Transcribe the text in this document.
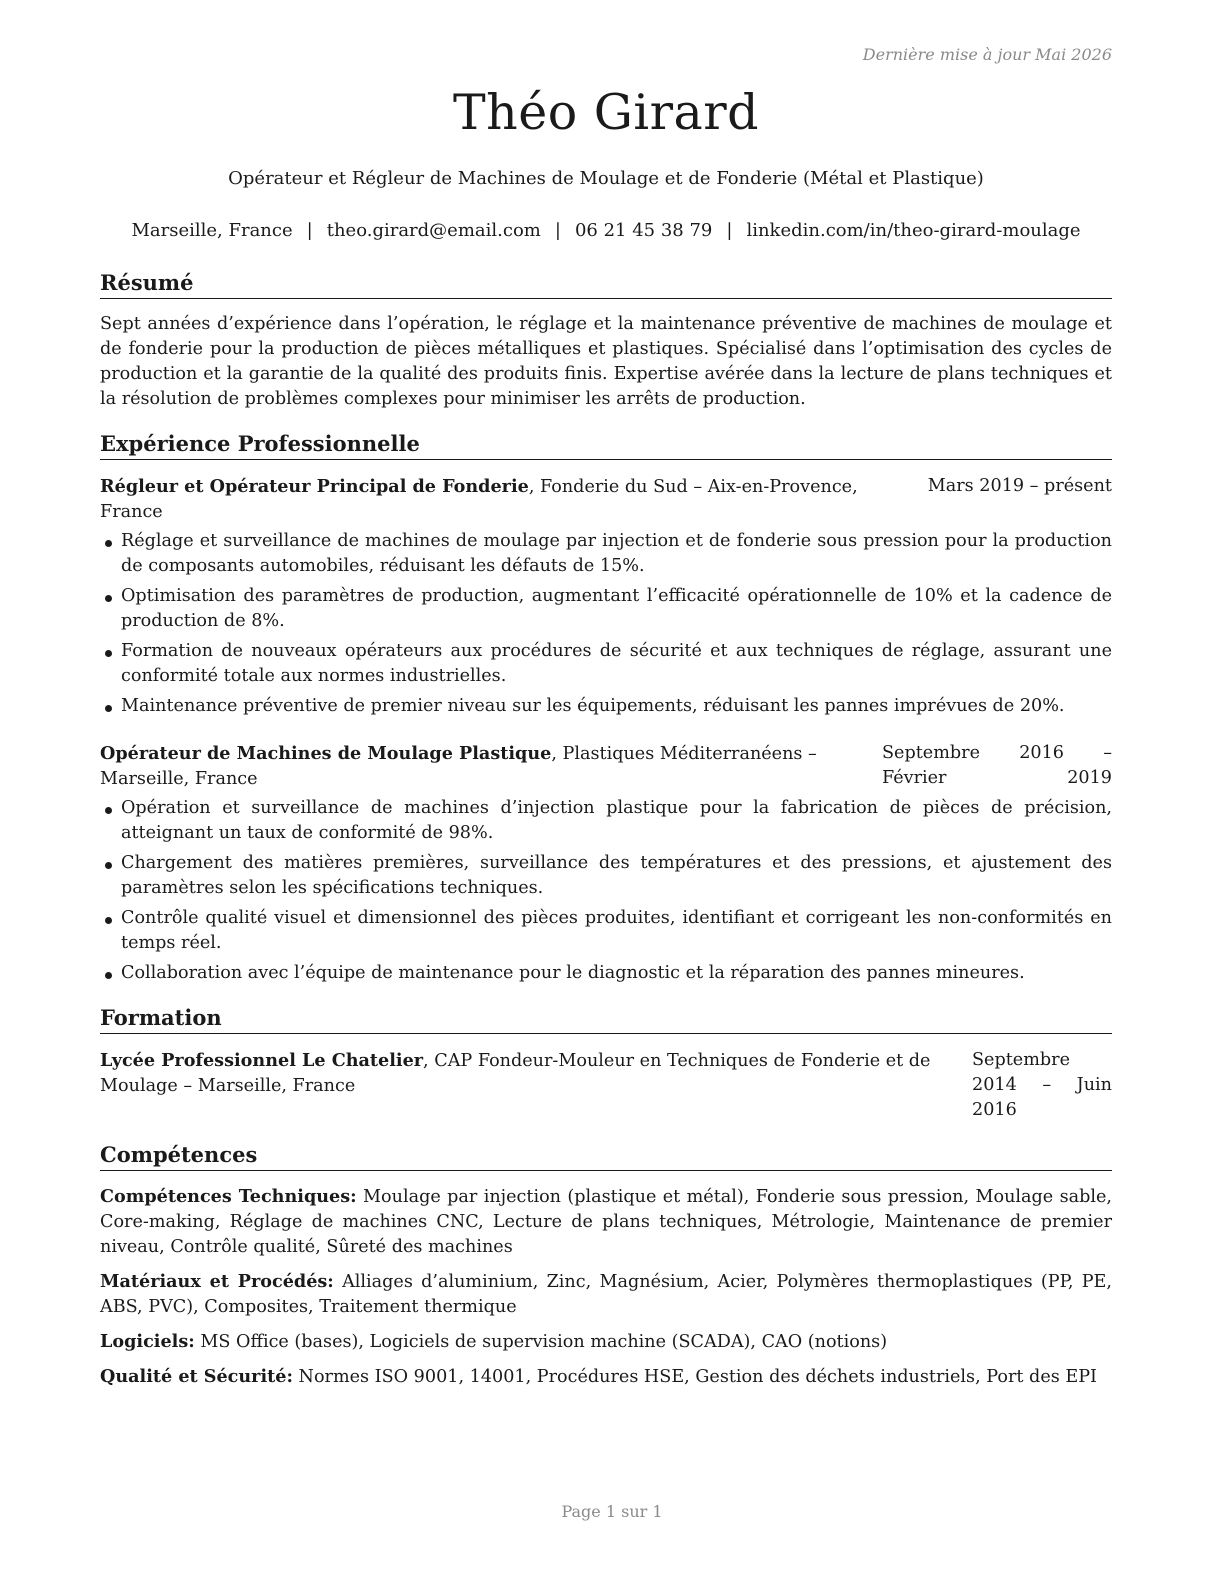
Dernière mise à jour Mai 2026
Théo Girard
Opérateur et Régleur de Machines de Moulage et de Fonderie (Métal et Plastique)
Marseille, France | theo.girard@email.com | 06 21 45 38 79 | linkedin.com/in/theo-girard-moulage
Résumé

Sept années d’expérience dans l’opération, le réglage et la maintenance préventive de machines de moulage et de fonderie pour la production de pièces métalliques et plastiques. Spécialisé dans l’optimisation des cycles de production et la garantie de la qualité des produits finis. Expertise avérée dans la lecture de plans techniques et la résolution de problèmes complexes pour minimiser les arrêts de production.

Expérience Professionnelle
Régleur et Opérateur Principal de Fonderie, Fonderie du Sud – Aix-en-Provence, France
Mars 2019 – présent
Réglage et surveillance de machines de moulage par injection et de fonderie sous pression pour la production de composants automobiles, réduisant les défauts de 15%.
Optimisation des paramètres de production, augmentant l’efficacité opérationnelle de 10% et la cadence de production de 8%.
Formation de nouveaux opérateurs aux procédures de sécurité et aux techniques de réglage, assurant une conformité totale aux normes industrielles.
Maintenance préventive de premier niveau sur les équipements, réduisant les pannes imprévues de 20%.
Opérateur de Machines de Moulage Plastique, Plastiques Méditerranéens – Marseille, France
Septembre 2016 – Février 2019
Opération et surveillance de machines d’injection plastique pour la fabrication de pièces de précision, atteignant un taux de conformité de 98%.
Chargement des matières premières, surveillance des températures et des pressions, et ajustement des paramètres selon les spécifications techniques.
Contrôle qualité visuel et dimensionnel des pièces produites, identifiant et corrigeant les non-conformités en temps réel.
Collaboration avec l’équipe de maintenance pour le diagnostic et la réparation des pannes mineures.
Formation
Lycée Professionnel Le Chatelier, CAP Fondeur-Mouleur en Techniques de Fonderie et de Moulage – Marseille, France
Septembre 2014 – Juin 2016
Compétences
Compétences Techniques: Moulage par injection (plastique et métal), Fonderie sous pression, Moulage sable, Core-making, Réglage de machines CNC, Lecture de plans techniques, Métrologie, Maintenance de premier niveau, Contrôle qualité, Sûreté des machines
Matériaux et Procédés: Alliages d’aluminium, Zinc, Magnésium, Acier, Polymères thermoplastiques (PP, PE, ABS, PVC), Composites, Traitement thermique
Logiciels: MS Office (bases), Logiciels de supervision machine (SCADA), CAO (notions)
Qualité et Sécurité: Normes ISO 9001, 14001, Procédures HSE, Gestion des déchets industriels, Port des EPI
Page 1 sur 1
